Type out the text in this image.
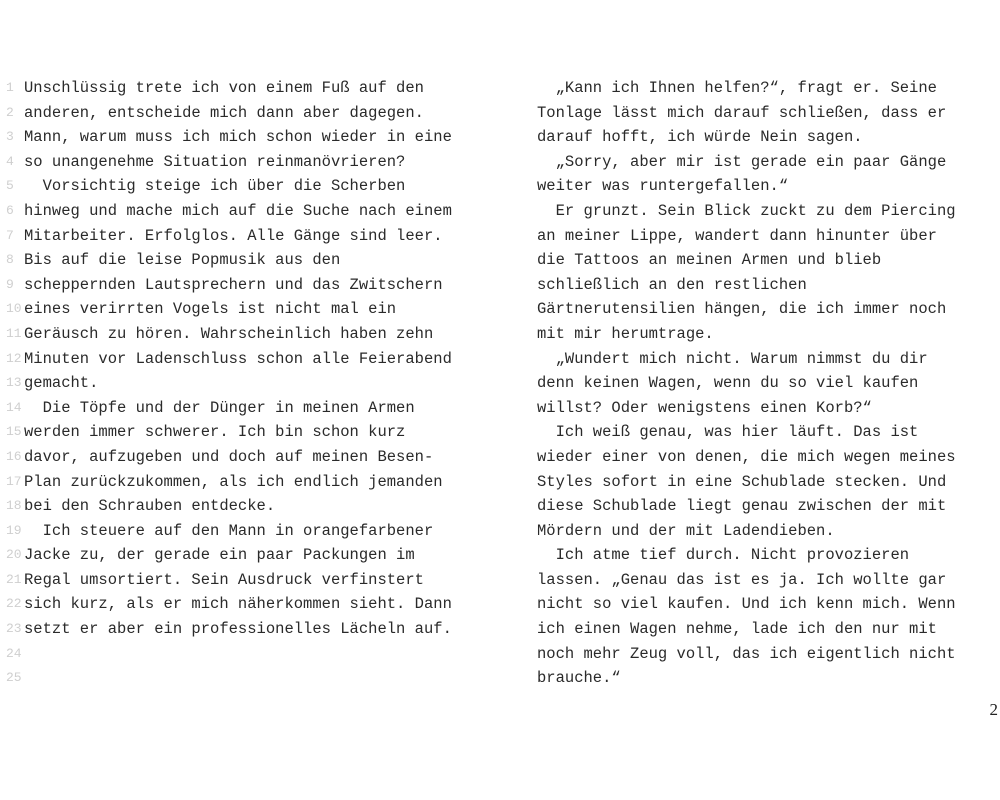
1 Unschlüssig trete ich von einem Fuß auf den
2 anderen, entscheide mich dann aber dagegen.
3 Mann, warum muss ich mich schon wieder in eine
4 so unangenehme Situation reinmanövrieren?
5 Vorsichtig steige ich über die Scherben
6 hinweg und mache mich auf die Suche nach einem
7 Mitarbeiter. Erfolglos. Alle Gänge sind leer.
8 Bis auf die leise Popmusik aus den
9 scheppernden Lautsprechern und das Zwitschern
10 eines verirrten Vogels ist nicht mal ein
11 Geräusch zu hören. Wahrscheinlich haben zehn
12 Minuten vor Ladenschluss schon alle Feierabend
13 gemacht.
14 Die Töpfe und der Dünger in meinen Armen
15 werden immer schwerer. Ich bin schon kurz
16 davor, aufzugeben und doch auf meinen Besen-
17 Plan zurückzukommen, als ich endlich jemanden
18 bei den Schrauben entdecke.
19 Ich steuere auf den Mann in orangefarbener
20 Jacke zu, der gerade ein paar Packungen im
21 Regal umsortiert. Sein Ausdruck verfinstert
22 sich kurz, als er mich näherkommen sieht. Dann
23 setzt er aber ein professionelles Lächeln auf.
24
25
„Kann ich Ihnen helfen?“, fragt er. Seine
Tonlage lässt mich darauf schließen, dass er
darauf hofft, ich würde Nein sagen.
„Sorry, aber mir ist gerade ein paar Gänge
weiter was runtergefallen.“
Er grunzt. Sein Blick zuckt zu dem Piercing
an meiner Lippe, wandert dann hinunter über
die Tattoos an meinen Armen und blieb
schließlich an den restlichen
Gärtnerutensilien hängen, die ich immer noch
mit mir herumtrage.
„Wundert mich nicht. Warum nimmst du dir
denn keinen Wagen, wenn du so viel kaufen
willst? Oder wenigstens einen Korb?“
Ich weiß genau, was hier läuft. Das ist
wieder einer von denen, die mich wegen meines
Styles sofort in eine Schublade stecken. Und
diese Schublade liegt genau zwischen der mit
Mördern und der mit Ladendieben.
Ich atme tief durch. Nicht provozieren
lassen. „Genau das ist es ja. Ich wollte gar
nicht so viel kaufen. Und ich kenn mich. Wenn
ich einen Wagen nehme, lade ich den nur mit
noch mehr Zeug voll, das ich eigentlich nicht
brauche.“
2
